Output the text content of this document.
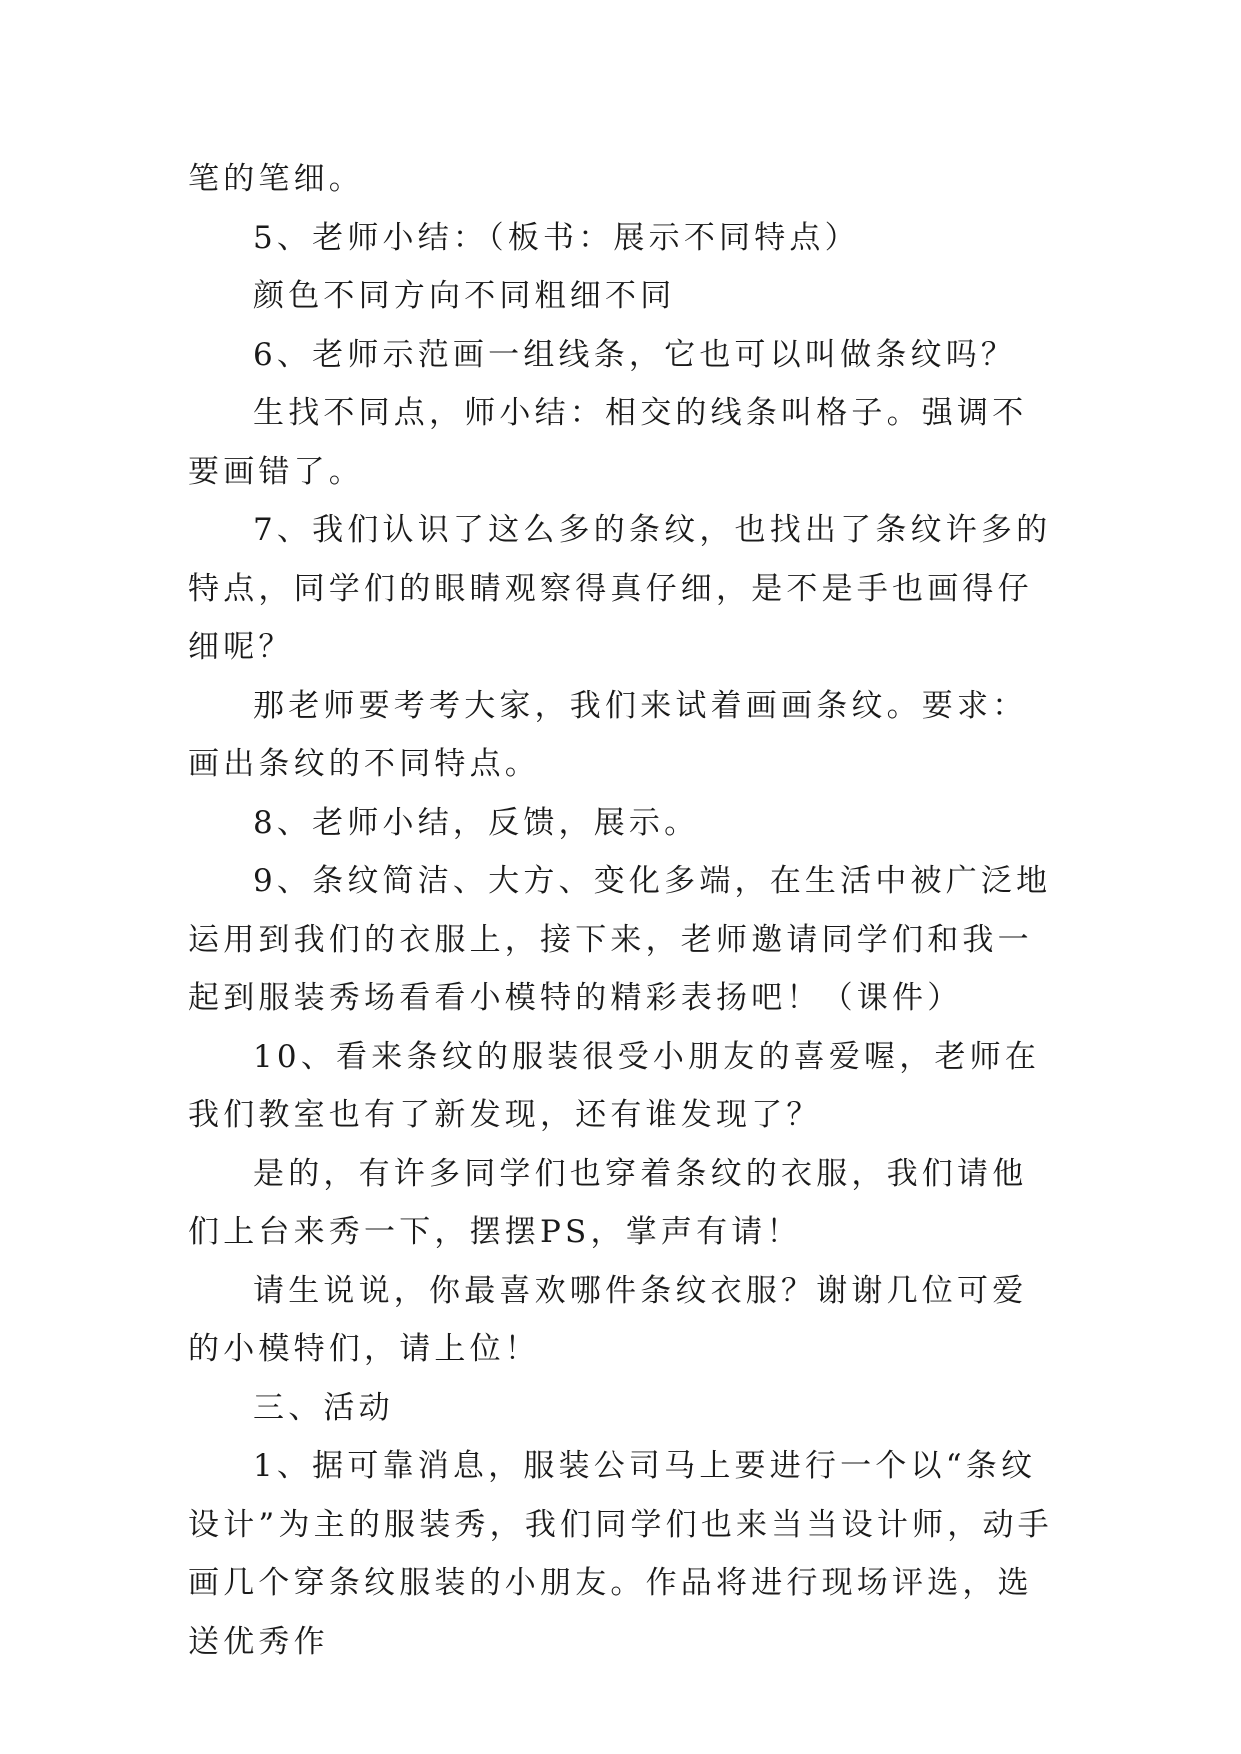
笔的笔细。

5、老师小结：（板书：展示不同特点）

颜色不同方向不同粗细不同

6、老师示范画一组线条，它也可以叫做条纹吗？

生找不同点，师小结：相交的线条叫格子。强调不要画错了。

7、我们认识了这么多的条纹，也找出了条纹许多的特点，同学们的眼睛观察得真仔细，是不是手也画得仔细呢？

那老师要考考大家，我们来试着画画条纹。要求：画出条纹的不同特点。

8、老师小结，反馈，展示。

9、条纹简洁、大方、变化多端，在生活中被广泛地运用到我们的衣服上，接下来，老师邀请同学们和我一起到服装秀场看看小模特的精彩表扬吧！（课件）

10、看来条纹的服装很受小朋友的喜爱喔，老师在我们教室也有了新发现，还有谁发现了？

是的，有许多同学们也穿着条纹的衣服，我们请他们上台来秀一下，摆摆PS，掌声有请！

请生说说，你最喜欢哪件条纹衣服？谢谢几位可爱的小模特们，请上位！

三、活动

1、据可靠消息，服装公司马上要进行一个以“条纹设计”为主的服装秀，我们同学们也来当当设计师，动手画几个穿条纹服装的小朋友。作品将进行现场评选，选送优秀作
